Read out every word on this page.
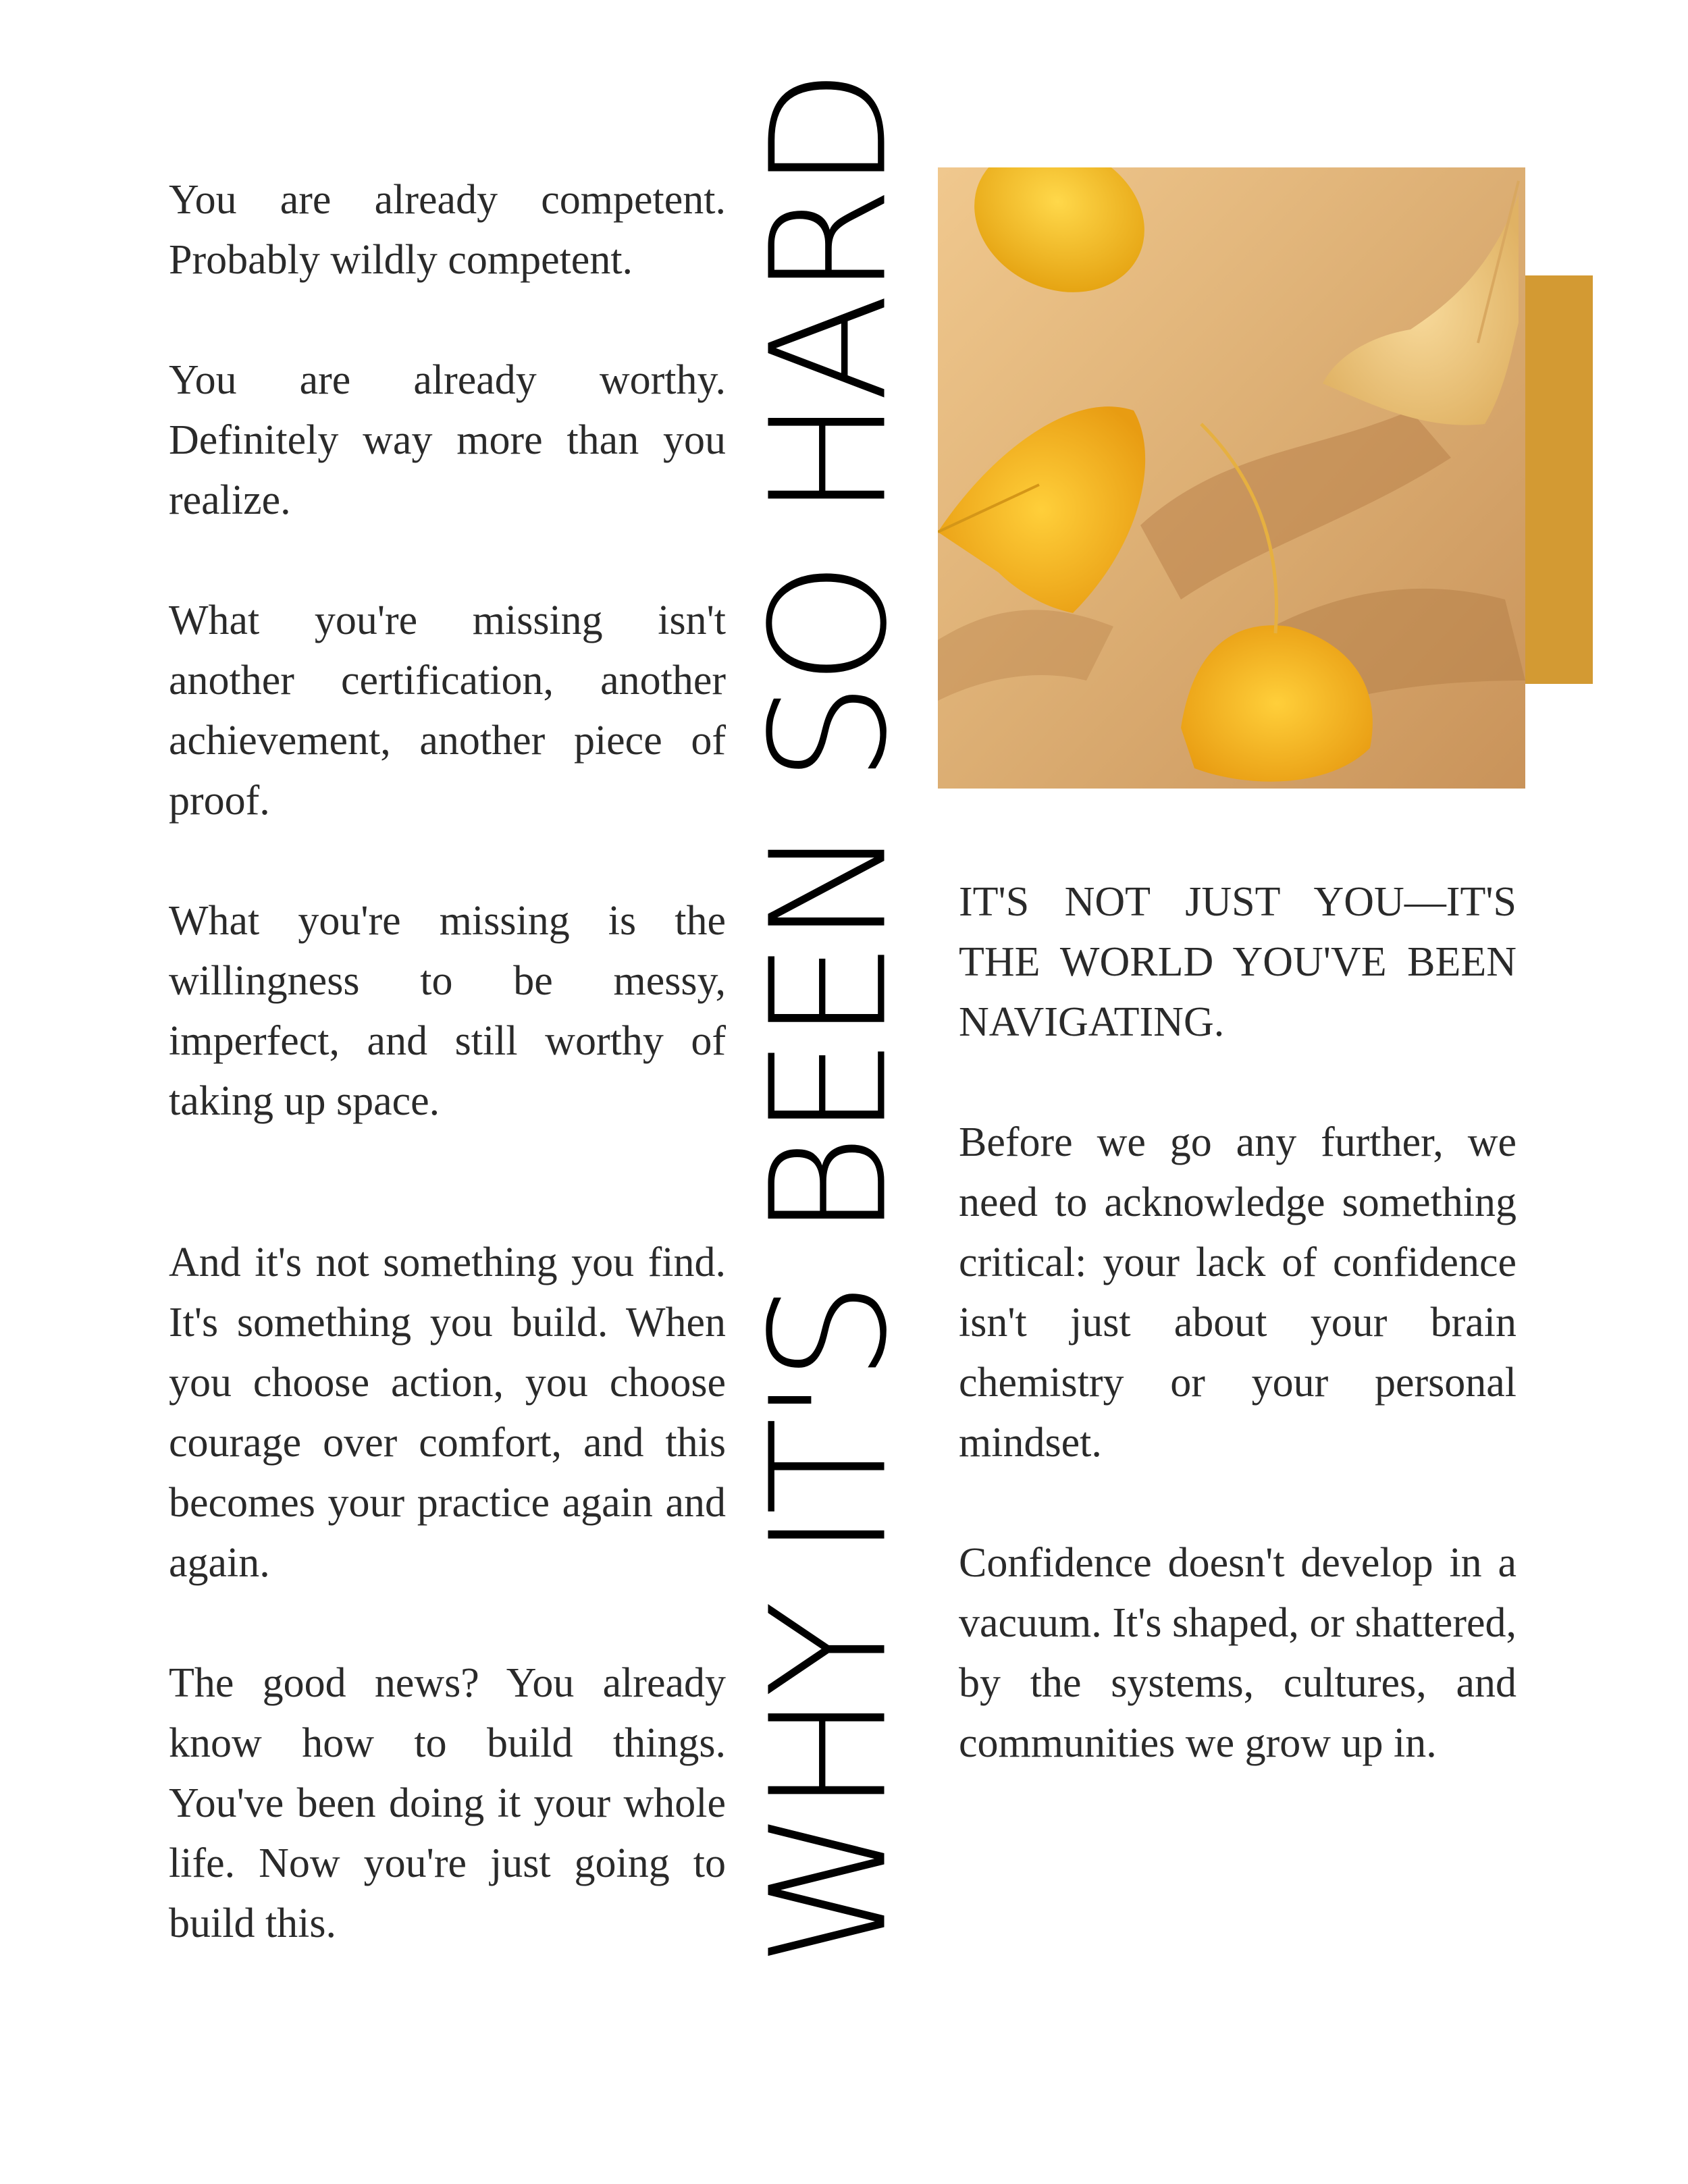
You are already competent. Probably wildly competent.

You are already worthy. Definitely way more than you realize.

What you're missing isn't another certification, another achievement, another piece of proof.

What you're missing is the willingness to be messy, imperfect, and still worthy of taking up space.

And it's not something you find. It's something you build. When you choose action, you choose courage over comfort, and this becomes your practice again and again.

The good news? You already know how to build things. You've been doing it your whole life. Now you're just going to build this.	WHY IT'S BEEN SO HARD IT'S NOT JUST YOU—IT'S THE WORLD YOU'VE BEEN NAVIGATING.

Before we go any further, we need to acknowledge something critical: your lack of confidence isn't just about your brain chemistry or your personal mindset.

Confidence doesn't develop in a vacuum. It's shaped, or shattered, by the systems, cultures, and communities we grow up in.
